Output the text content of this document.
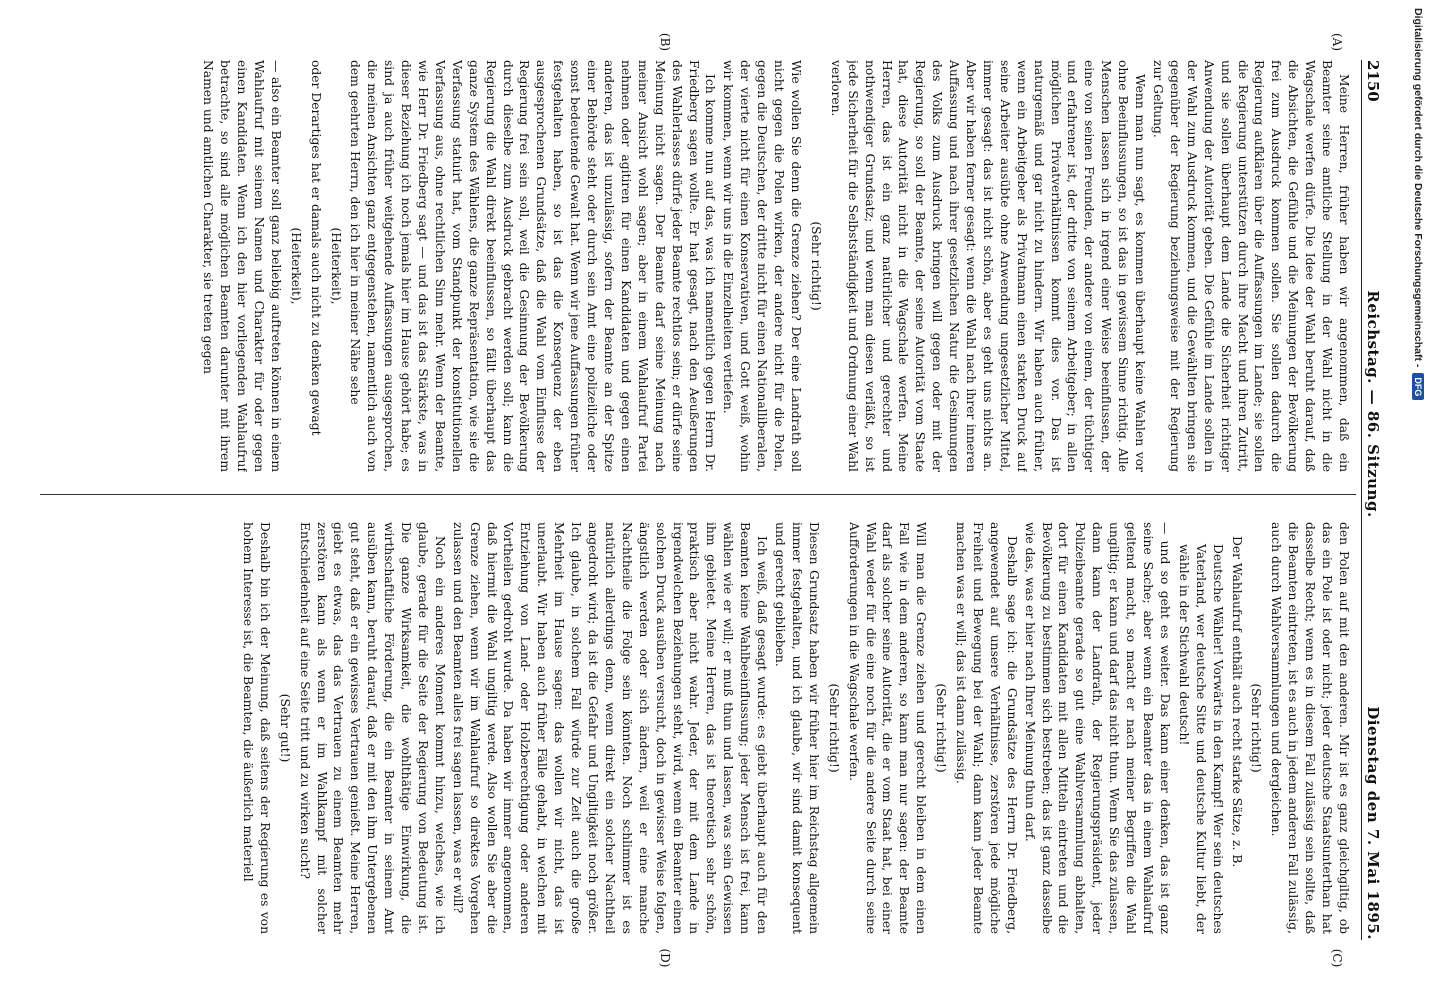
2150
Reichstag. — 86. Sitzung.
Dienstag den 7. Mai 1895.
(A)
(B)
(C)
(D)

Meine Herren, früher haben wir angenommen, daß ein Beamter seine amtliche Stellung in der Wahl nicht in die Wagschale werfen dürfe. Die Idee der Wahl beruht darauf, daß die Absichten, die Gefühle und die Meinungen der Bevölkerung frei zum Ausdruck kommen sollen. Sie sollen dadurch die Regierung aufklären über die Auffassungen im Lande; sie sollen die Regierung unterstützen durch ihre Macht und ihren Zutritt, und sie sollen überhaupt dem Lande die Sicherheit richtiger Anwendung der Autorität geben. Die Gefühle im Lande sollen in der Wahl zum Ausdruck kommen, und die Gewählten bringen sie gegenüber der Regierung beziehungsweise mit der Regierung zur Geltung.

Wenn man nun sagt, es kommen überhaupt keine Wahlen vor ohne Beeinflussungen, so ist das in gewissem Sinne richtig. Alle Menschen lassen sich in irgend einer Weise beeinflussen, der eine von seinen Freunden, der andere von einem, der tüchtiger und erfahrener ist, der dritte von seinem Arbeitgeber; in allen möglichen Privatverhältnissen kommt dies vor. Das ist naturgemäß und gar nicht zu hindern. Wir haben auch früher, wenn ein Arbeitgeber als Privatmann einen starken Druck auf seine Arbeiter ausübte ohne Anwendung ungesetzlicher Mittel, immer gesagt: das ist nicht schön, aber es geht uns nichts an. Aber wir haben ferner gesagt: wenn die Wahl nach ihrer inneren Auffassung und nach ihrer gesetzlichen Natur die Gesinnungen des Volks zum Ausdruck bringen will gegen oder mit der Regierung, so soll der Beamte, der seine Autorität vom Staate hat, diese Autorität nicht in die Wagschale werfen. Meine Herren, das ist ein ganz natürlicher und gerechter und nothwendiger Grundsatz; und wenn man diesen verläßt, so ist jede Sicherheit für die Selbstständigkeit und Ordnung einer Wahl verloren.

(Sehr richtig!)

Wie wollen Sie denn die Grenze ziehen? Der eine Landrath soll nicht gegen die Polen wirken, der andere nicht für die Polen, gegen die Deutschen, der dritte nicht für einen Nationalliberalen, der vierte nicht für einen Konservativen, und Gott weiß, wohin wir kommen, wenn wir uns in die Einzelheiten vertiefen.

Ich komme nun auf das, was ich namentlich gegen Herrn Dr. Friedberg sagen wollte. Er hat gesagt, nach den Aeußerungen des Wahlerlasses dürfe jeder Beamte rechtlos sein; er dürfe seine Meinung nicht sagen. Der Beamte darf seine Meinung nach meiner Ansicht wohl sagen; aber in einem Wahlaufruf Partei nehmen oder agitiren für einen Kandidaten und gegen einen anderen, das ist unzulässig, sofern der Beamte an der Spitze einer Behörde steht oder durch sein Amt eine polizeiliche oder sonst bedeutende Gewalt hat. Wenn wir jene Auffassungen früher festgehalten haben, so ist das die Konsequenz der eben ausgesprochenen Grundsätze, daß die Wahl vom Einflusse der Regierung frei sein soll, weil die Gesinnung der Bevölkerung durch dieselbe zum Ausdruck gebracht werden soll; kann die Regierung die Wahl direkt beeinflussen, so fällt überhaupt das ganze System des Wählens, die ganze Repräsentation, wie sie die Verfassung statuirt hat, vom Standpunkt der konstitutionellen Verfassung aus, ohne rechtlichen Sinn mehr. Wenn der Beamte, wie Herr Dr. Friedberg sagt — und das ist das Stärkste, was in dieser Beziehung ich noch jemals hier im Hause gehört habe; es sind ja auch früher weitgehende Auffassungen ausgesprochen, die meinen Ansichten ganz entgegenstehen, namentlich auch von dem geehrten Herrn, den ich hier in meiner Nähe sehe

(Heiterkeit),

oder Derartiges hat er damals auch nicht zu denken gewagt

(Heiterkeit),

— also ein Beamter soll ganz beliebig auftreten können in einem Wahlaufruf mit seinem Namen und Charakter für oder gegen einen Kandidaten. Wenn ich den hier vorliegenden Wahlaufruf betrachte, so sind alle möglichen Beamten darunter mit ihrem Namen und amtlichen Charakter, sie treten gegen

den Polen auf mit den anderen. Mir ist es ganz gleichgiltig, ob das ein Pole ist oder nicht; jeder deutsche Staatsunterthan hat dasselbe Recht; wenn es in diesem Fall zulässig sein sollte, daß die Beamten eintreten, ist es auch in jedem anderen Fall zulässig, auch durch Wahlversammlungen und dergleichen.

(Sehr richtig!)

Der Wahlaufruf enthält auch recht starke Sätze, z. B.

Deutsche Wähler! Vorwärts in den Kampf! Wer sein deutsches Vaterland, wer deutsche Sitte und deutsche Kultur liebt, der wähle in der Stichwahl deutsch!

— und so geht es weiter. Das kann einer denken, das ist ganz seine Sache; aber wenn ein Beamter das in einem Wahlaufruf geltend macht, so macht er nach meiner Begriffen die Wahl ungiltig; er kann und darf das nicht thun. Wenn Sie das zulassen, dann kann der Landrath, der Regierungspräsident, jeder Polizeibeamte gerade so gut eine Wahlversammlung abhalten, dort für einen Kandidaten mit allen Mitteln eintreten und die Bevölkerung zu bestimmen sich bestreben; das ist ganz dasselbe wie das, was er hier nach Ihrer Meinung thun darf.

Deshalb sage ich: die Grundsätze des Herrn Dr. Friedberg, angewendet auf unsere Verhältnisse, zerstören jede mögliche Freiheit und Bewegung bei der Wahl; dann kann jeder Beamte machen was er will; das ist dann zulässig.

(Sehr richtig!)

Will man die Grenze ziehen und gerecht bleiben in dem einen Fall wie in dem anderen, so kann man nur sagen: der Beamte darf als solcher seine Autorität, die er vom Staat hat, bei einer Wahl weder für die eine noch für die andere Seite durch seine Aufforderungen in die Wagschale werfen.

(Sehr richtig!)

Diesen Grundsatz haben wir früher hier im Reichstag allgemein immer festgehalten, und ich glaube, wir sind damit konsequent und gerecht geblieben.

Ich weiß, daß gesagt wurde: es giebt überhaupt auch für den Beamten keine Wahlbeeinflussung; jeder Mensch ist frei, kann wählen wie er will; er muß thun und lassen, was sein Gewissen ihm gebietet. Meine Herren, das ist theoretisch sehr schön, praktisch aber nicht wahr. Jeder, der mit dem Lande in irgendwelchen Beziehungen steht, wird, wenn ein Beamter einen solchen Druck ausüben versucht, doch in gewisser Weise folgen, ängstlich werden oder sich ändern, weil er eine manche Nachtheile die Folge sein könnten. Noch schlimmer ist es natürlich allerdings denn, wenn direkt ein solcher Nachtheil angedroht wird; da ist die Gefahr und Ungiltigkeit noch größer. Ich glaube, in solchem Fall würde zur Zeit auch die große Mehrheit im Hause sagen: das wollen wir nicht, das ist unerlaubt. Wir haben auch früher Fälle gehabt, in welchen mit Entziehung von Land- oder Holzberechtigung oder anderen Vortheilen gedroht wurde. Da haben wir immer angenommen, daß hiermit die Wahl ungiltig werde. Also wollen Sie aber die Grenze ziehen, wenn wir im Wahlaufruf so direktes Vorgehen zulassen und den Beamten alles frei sagen lassen, was er will?

Noch ein anderes Moment kommt hinzu, welches, wie ich glaube, gerade für die Seite der Regierung von Bedeutung ist. Die ganze Wirksamkeit, die wohlthätige Einwirkung, die wirthschaftliche Förderung, die ein Beamter in seinem Amt ausüben kann, beruht darauf, daß er mit den ihm Untergebenen gut steht, daß er ein gewisses Vertrauen genießt. Meine Herren, giebt es etwas, das das Vertrauen zu einem Beamten mehr zerstören kann als wenn er im Wahlkampf mit solcher Entschiedenheit auf eine Seite tritt und zu wirken sucht?

(Sehr gut!)

Deshalb bin ich der Meinung, daß seitens der Regierung es von hohem Interesse ist, die Beamten, die äußerlich materiell

Digitalisierung gefördert durch die Deutsche Forschungsgemeinschaft -
DFG
